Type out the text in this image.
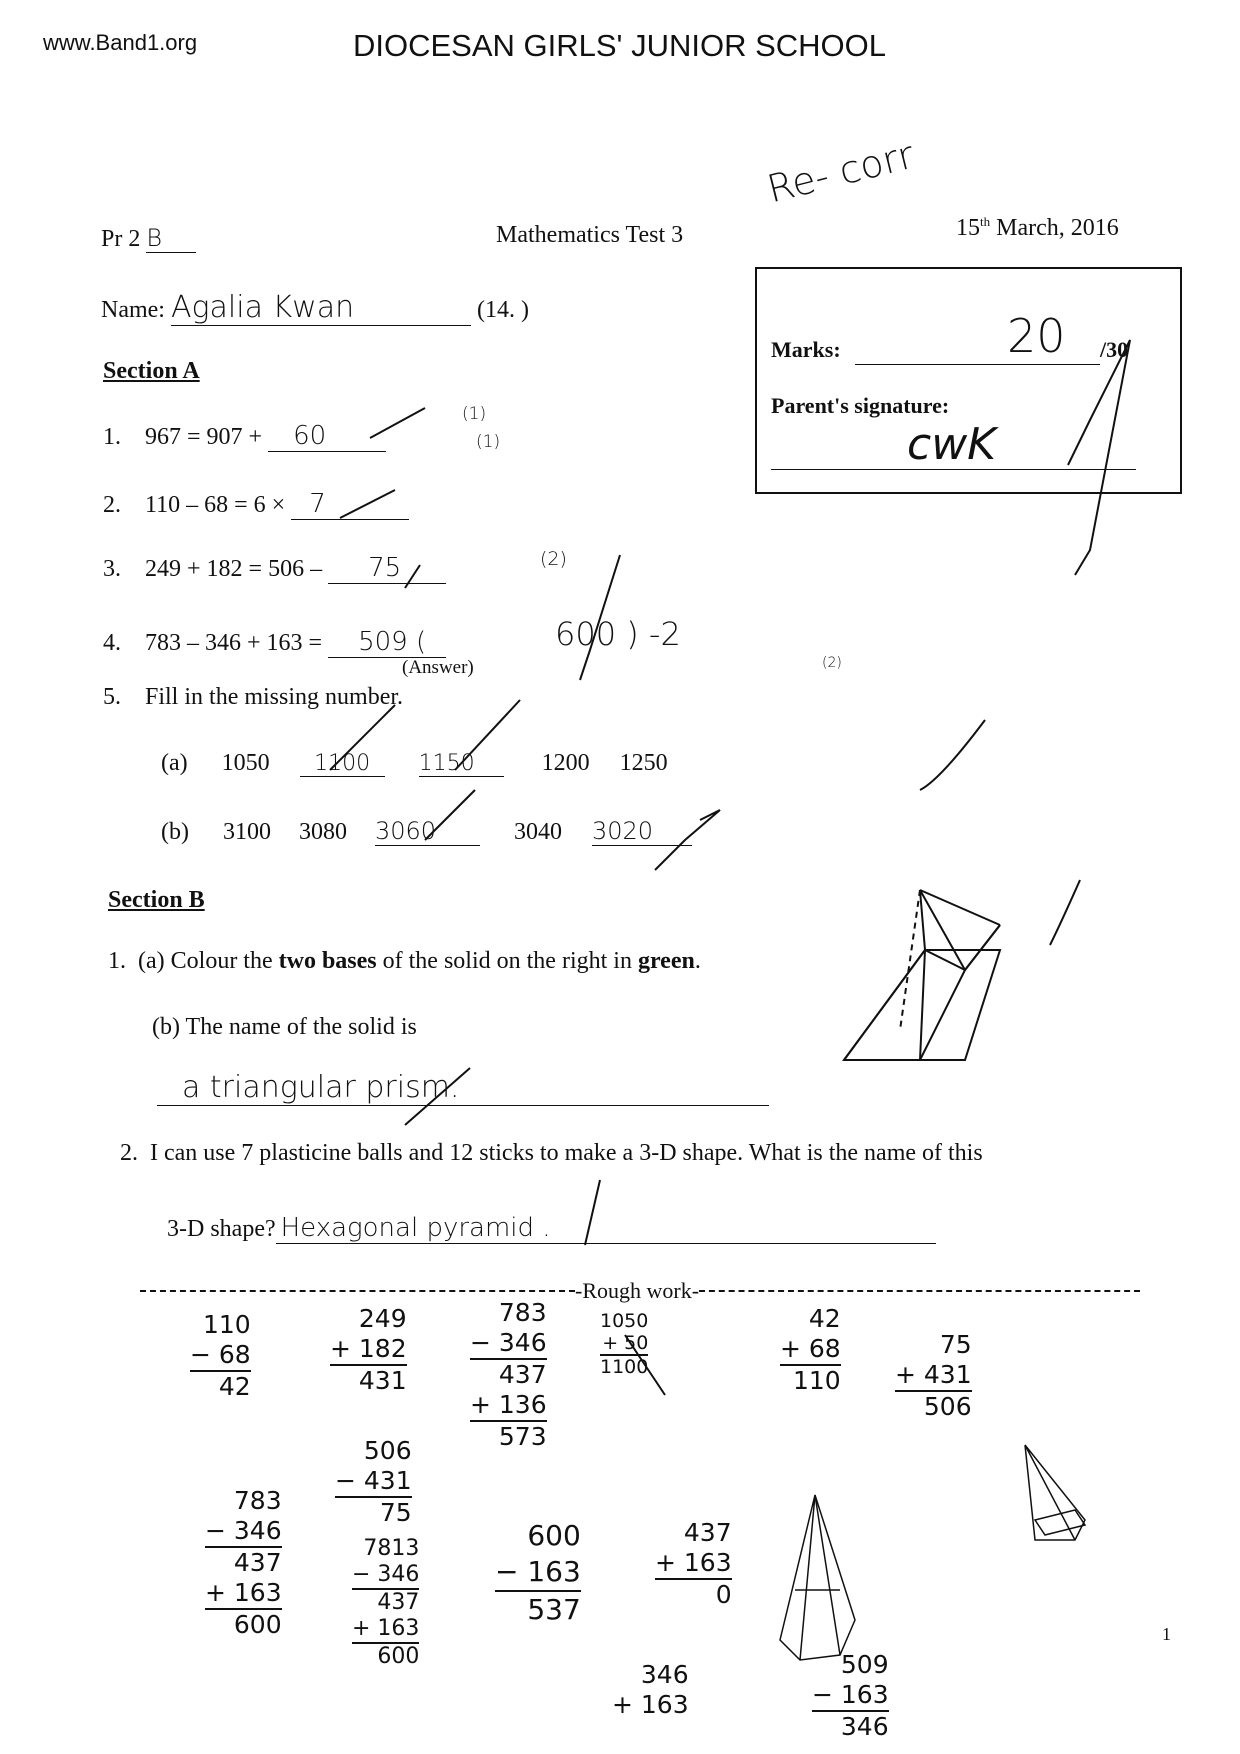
www.Band1.org	DIOCESAN GIRLS' JUNIOR SCHOOL
Re- corr
Pr 2 B	Mathematics Test 3	15th March, 2016
Name: Agalia Kwan	(14. )
Marks:	20 /30
Parent's signature:
cwK
Section A
1. 967 = 907 + 60
(1)
(1)
2. 110 – 68 = 6 × 7
3. 249 + 182 = 506 – 75	(2)
4. 783 – 346 + 163 = 509 (	600 ) -2
(Answer)	(2)
5. Fill in the missing number.
(a) 1050 1100 1150	1200 1250
(b) 3100 3080 3060	3040 3020
Section B
1. (a) Colour the two bases of the solid on the right in green.
(b) The name of the solid is
a triangular prism.
2. I can use 7 plasticine balls and 12 sticks to make a 3-D shape. What is the name of this
3-D shape? Hexagonal pyramid .
-Rough work-
110
− 68
42
249
+ 182
431
783
− 346
437
+ 136
573
1050
+ 50
1100
42
+ 68
110
75
+ 431
506
506
− 431
75
783
− 346
437
+ 163
600
7813
− 346
437
+ 163
600
600
− 163
537
437
+ 163
0
346
+ 163
509
− 163
346
1
